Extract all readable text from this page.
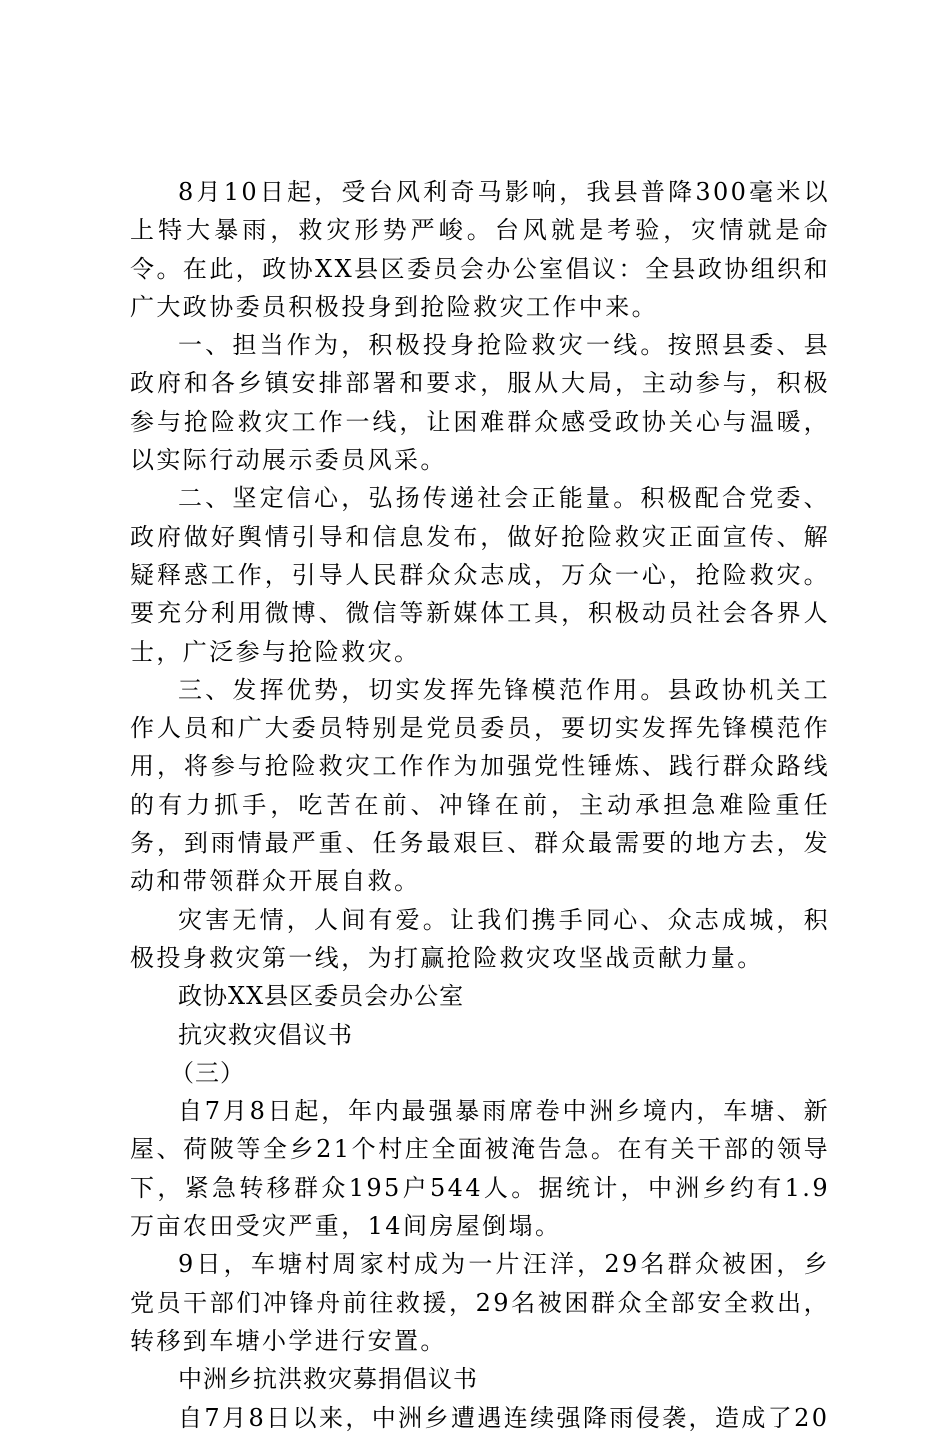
8月10日起，受台风利奇马影响，我县普降300毫米以上特大暴雨，救灾形势严峻。台风就是考验，灾情就是命令。在此，政协XX县区委员会办公室倡议：全县政协组织和广大政协委员积极投身到抢险救灾工作中来。

一、担当作为，积极投身抢险救灾一线。按照县委、县政府和各乡镇安排部署和要求，服从大局，主动参与，积极参与抢险救灾工作一线，让困难群众感受政协关心与温暖，以实际行动展示委员风采。

二、坚定信心，弘扬传递社会正能量。积极配合党委、政府做好舆情引导和信息发布，做好抢险救灾正面宣传、解疑释惑工作，引导人民群众众志成，万众一心，抢险救灾。要充分利用微博、微信等新媒体工具，积极动员社会各界人士，广泛参与抢险救灾。

三、发挥优势，切实发挥先锋模范作用。县政协机关工作人员和广大委员特别是党员委员，要切实发挥先锋模范作用，将参与抢险救灾工作作为加强党性锤炼、践行群众路线的有力抓手，吃苦在前、冲锋在前，主动承担急难险重任务，到雨情最严重、任务最艰巨、群众最需要的地方去，发动和带领群众开展自救。

灾害无情，人间有爱。让我们携手同心、众志成城，积极投身救灾第一线，为打赢抢险救灾攻坚战贡献力量。

政协XX县区委员会办公室

抗灾救灾倡议书

（三）

自7月8日起，年内最强暴雨席卷中洲乡境内，车塘、新屋、荷陂等全乡21个村庄全面被淹告急。在有关干部的领导下，紧急转移群众195户544人。据统计，中洲乡约有1.9万亩农田受灾严重，14间房屋倒塌。

9日，车塘村周家村成为一片汪洋，29名群众被困，乡党员干部们冲锋舟前往救援，29名被困群众全部安全救出，转移到车塘小学进行安置。

中洲乡抗洪救灾募捐倡议书

自7月8日以来，中洲乡遭遇连续强降雨侵袭，造成了20
